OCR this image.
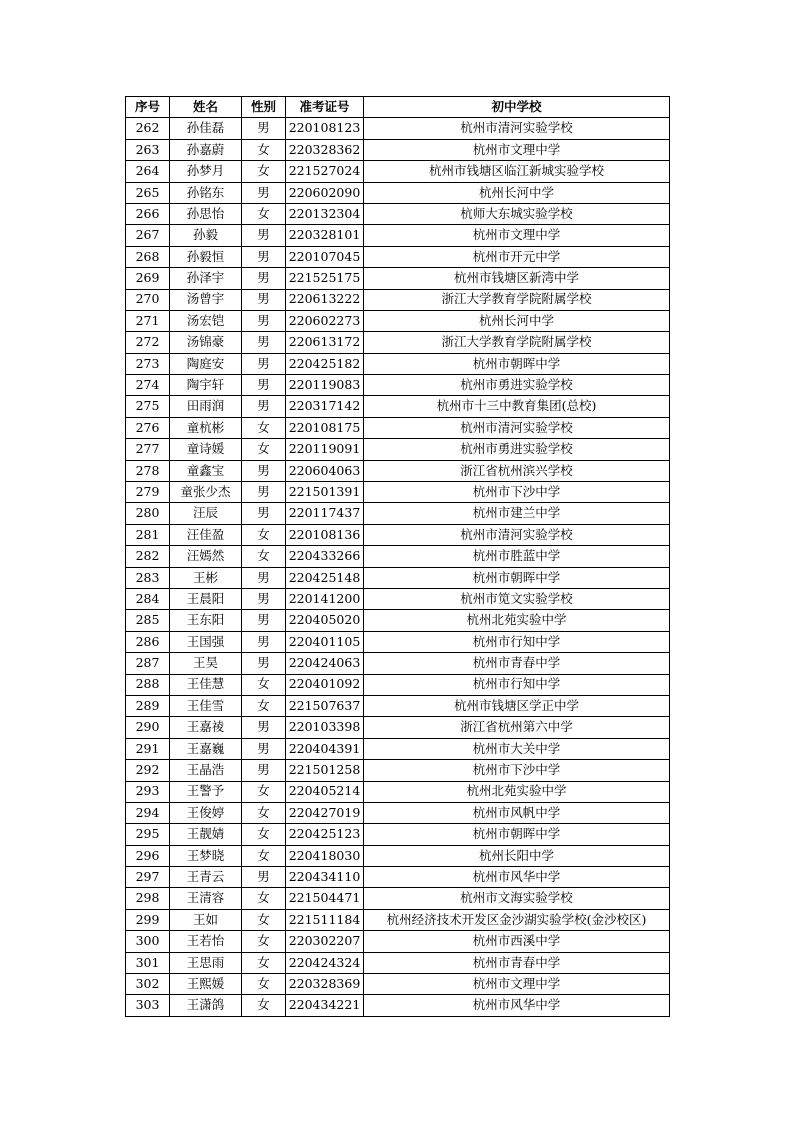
序号	姓名	性别	准考证号	初中学校
262	孙佳磊	男	220108123	杭州市清河实验学校
263	孙嘉蔚	女	220328362	杭州市文理中学
264	孙梦月	女	221527024	杭州市钱塘区临江新城实验学校
265	孙铭东	男	220602090	杭州长河中学
266	孙思怡	女	220132304	杭师大东城实验学校
267	孙毅	男	220328101	杭州市文理中学
268	孙毅恒	男	220107045	杭州市开元中学
269	孙泽宇	男	221525175	杭州市钱塘区新湾中学
270	汤曾宇	男	220613222	浙江大学教育学院附属学校
271	汤宏铠	男	220602273	杭州长河中学
272	汤锦豪	男	220613172	浙江大学教育学院附属学校
273	陶庭安	男	220425182	杭州市朝晖中学
274	陶宇轩	男	220119083	杭州市勇进实验学校
275	田雨润	男	220317142	杭州市十三中教育集团(总校)
276	童杭彬	女	220108175	杭州市清河实验学校
277	童诗媛	女	220119091	杭州市勇进实验学校
278	童鑫宝	男	220604063	浙江省杭州滨兴学校
279	童张少杰	男	221501391	杭州市下沙中学
280	汪辰	男	220117437	杭州市建兰中学
281	汪佳盈	女	220108136	杭州市清河实验学校
282	汪嫣然	女	220433266	杭州市胜蓝中学
283	王彬	男	220425148	杭州市朝晖中学
284	王晨阳	男	220141200	杭州市笕文实验学校
285	王东阳	男	220405020	杭州北苑实验中学
286	王国强	男	220401105	杭州市行知中学
287	王昊	男	220424063	杭州市青春中学
288	王佳慧	女	220401092	杭州市行知中学
289	王佳雪	女	221507637	杭州市钱塘区学正中学
290	王嘉祾	男	220103398	浙江省杭州第六中学
291	王嘉巍	男	220404391	杭州市大关中学
292	王晶浩	男	221501258	杭州市下沙中学
293	王警予	女	220405214	杭州北苑实验中学
294	王俊婷	女	220427019	杭州市风帆中学
295	王靓婧	女	220425123	杭州市朝晖中学
296	王梦晓	女	220418030	杭州长阳中学
297	王青云	男	220434110	杭州市风华中学
298	王清容	女	221504471	杭州市文海实验学校
299	王如	女	221511184	杭州经济技术开发区金沙湖实验学校(金沙校区)
300	王若怡	女	220302207	杭州市西溪中学
301	王思雨	女	220424324	杭州市青春中学
302	王熙媛	女	220328369	杭州市文理中学
303	王潇鸽	女	220434221	杭州市风华中学
